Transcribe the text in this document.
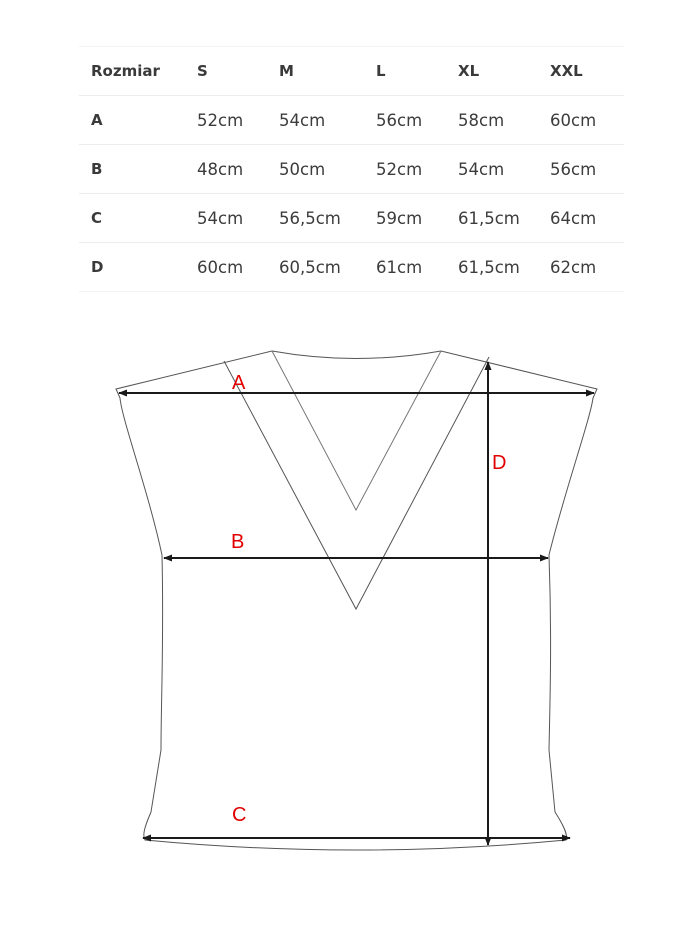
Rozmiar	S	M	L	XL	XXL
A	52cm	54cm	56cm	58cm	60cm
B	48cm	50cm	52cm	54cm	56cm
C	54cm	56,5cm	59cm	61,5cm	64cm
D	60cm	60,5cm	61cm	61,5cm	62cm
A
B
C
D
